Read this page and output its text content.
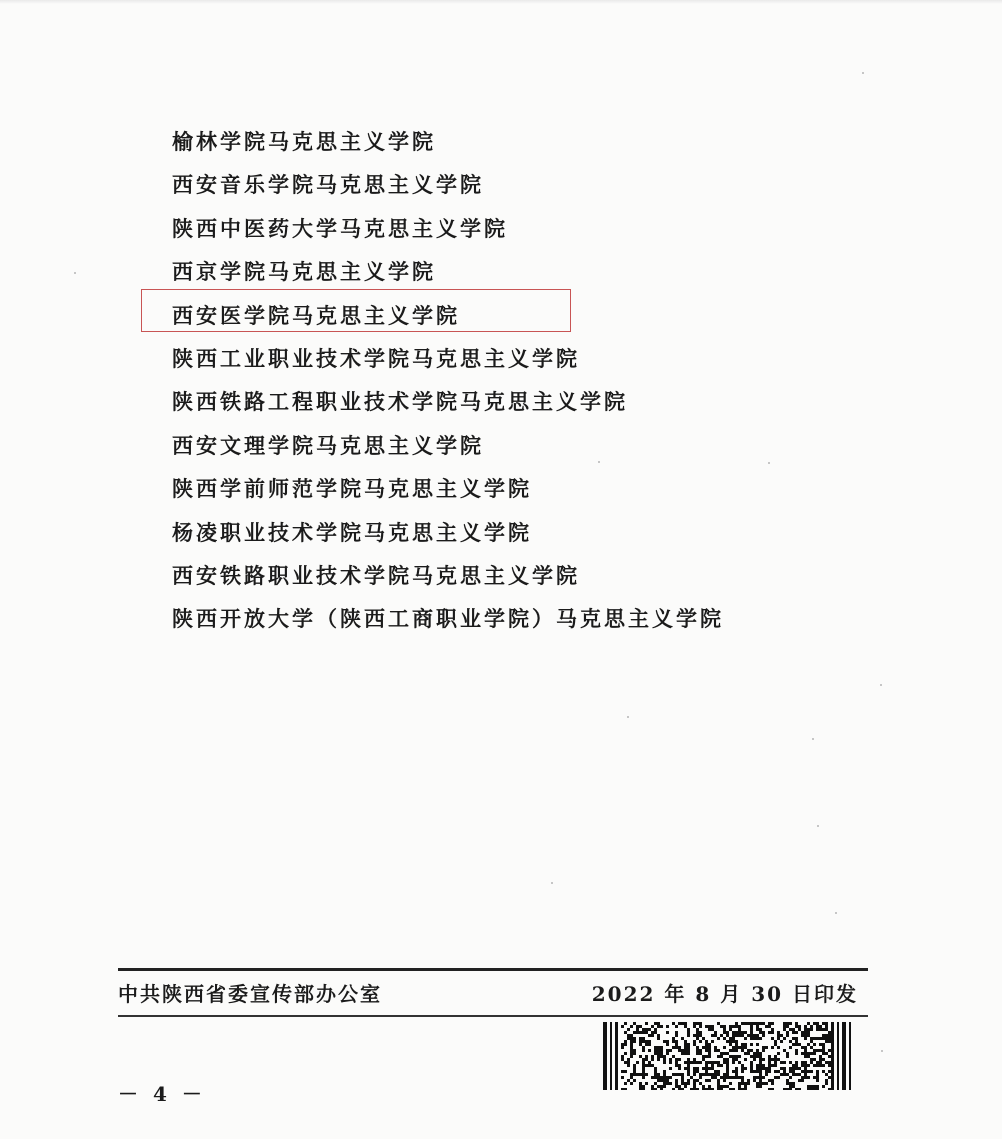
榆林学院马克思主义学院
西安音乐学院马克思主义学院
陕西中医药大学马克思主义学院
西京学院马克思主义学院
西安医学院马克思主义学院
陕西工业职业技术学院马克思主义学院
陕西铁路工程职业技术学院马克思主义学院
西安文理学院马克思主义学院
陕西学前师范学院马克思主义学院
杨凌职业技术学院马克思主义学院
西安铁路职业技术学院马克思主义学院
陕西开放大学（陕西工商职业学院）马克思主义学院
中共陕西省委宣传部办公室	2022 年 8 月 30 日印发
－ 4 －
